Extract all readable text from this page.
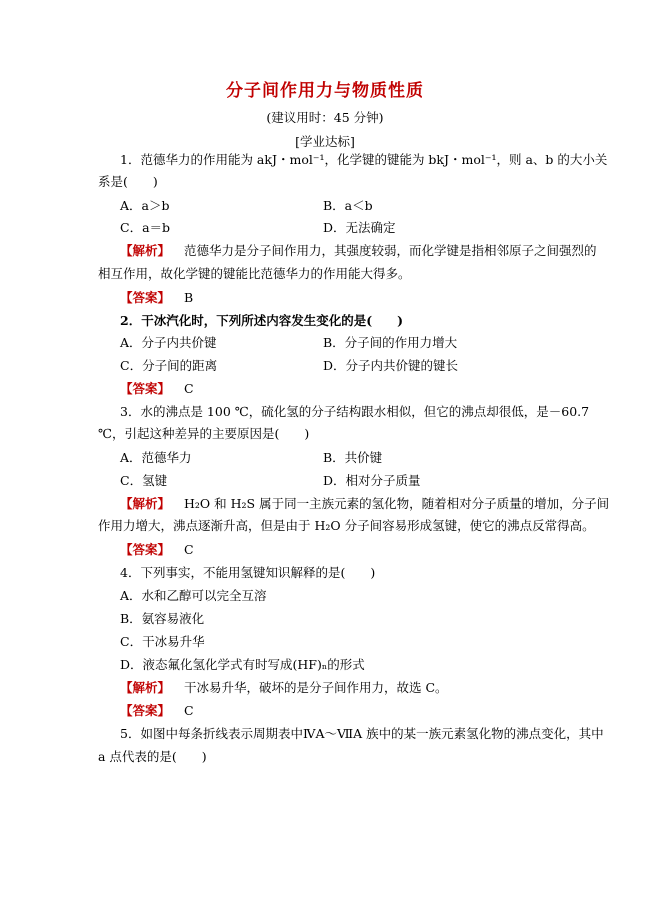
分子间作用力与物质性质
(建议用时：45 分钟)
[学业达标]
1．范德华力的作用能为 akJ・mol⁻¹，化学键的键能为 bkJ・mol⁻¹，则 a、b 的大小关
系是(　　)
A．a＞b	B．a＜b
C．a＝b	D．无法确定
【解析】 范德华力是分子间作用力，其强度较弱，而化学键是指相邻原子之间强烈的
相互作用，故化学键的键能比范德华力的作用能大得多。
【答案】 B
2．干冰汽化时，下列所述内容发生变化的是(　　)
A．分子内共价键	B．分子间的作用力增大
C．分子间的距离	D．分子内共价键的键长
【答案】 C
3．水的沸点是 100 ℃，硫化氢的分子结构跟水相似，但它的沸点却很低，是－60.7
℃，引起这种差异的主要原因是(　　)
A．范德华力	B．共价键
C．氢键	D．相对分子质量
【解析】 H₂O 和 H₂S 属于同一主族元素的氢化物，随着相对分子质量的增加，分子间
作用力增大，沸点逐渐升高，但是由于 H₂O 分子间容易形成氢键，使它的沸点反常得高。
【答案】 C
4．下列事实，不能用氢键知识解释的是(　　)
A．水和乙醇可以完全互溶
B．氨容易液化
C．干冰易升华
D．液态氟化氢化学式有时写成(HF)ₙ的形式
【解析】 干冰易升华，破坏的是分子间作用力，故选 C。
【答案】 C
5．如图中每条折线表示周期表中ⅣA～ⅦA 族中的某一族元素氢化物的沸点变化，其中
a 点代表的是(　　)
